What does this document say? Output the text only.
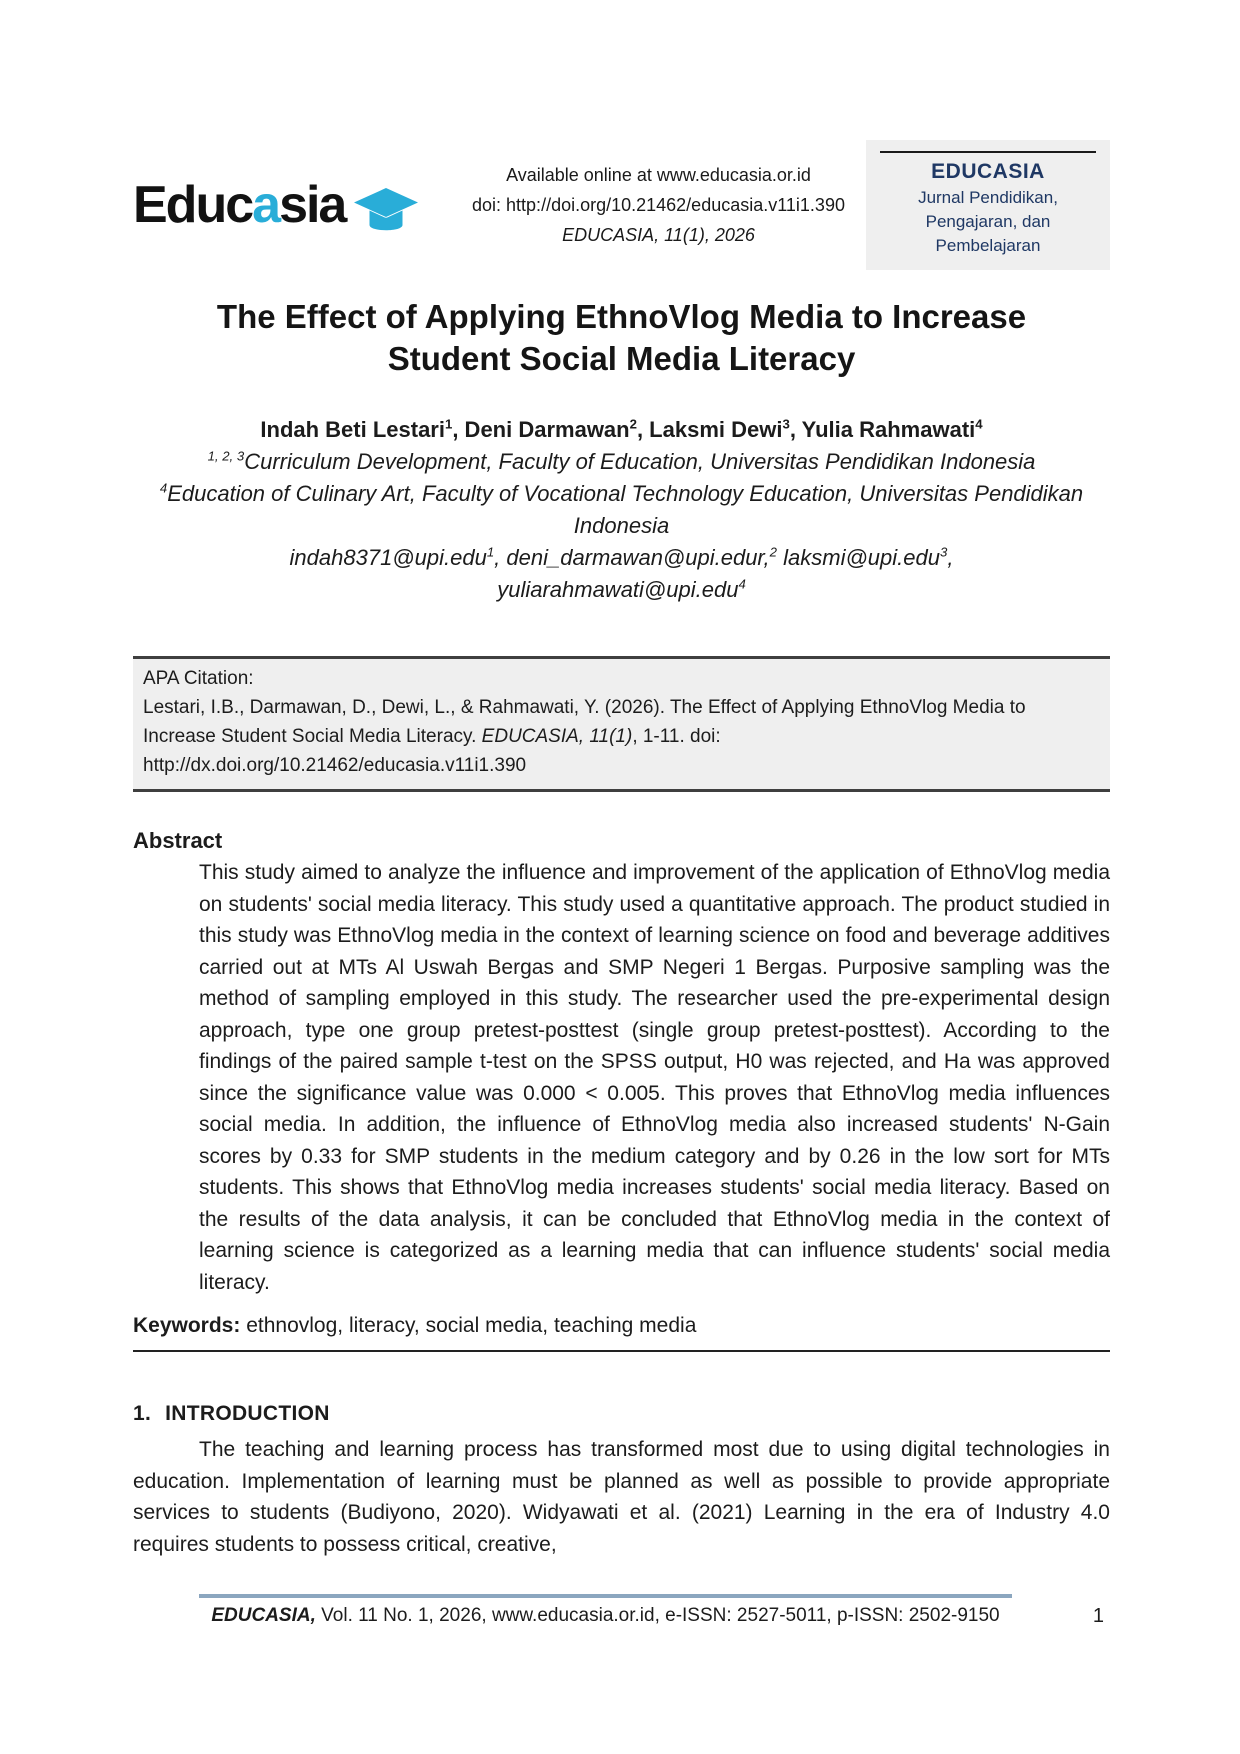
Educasia
Available online at www.educasia.or.id
doi: http://doi.org/10.21462/educasia.v11i1.390
EDUCASIA, 11(1), 2026
EDUCASIA
Jurnal Pendidikan,
Pengajaran, dan
Pembelajaran
The Effect of Applying EthnoVlog Media to Increase Student Social Media Literacy
Indah Beti Lestari$^1$, Deni Darmawan$^2$, Laksmi Dewi$^3$, Yulia Rahmawati$^4$
$^{1, 2, 3}$Curriculum Development, Faculty of Education, Universitas Pendidikan Indonesia
$^4$Education of Culinary Art, Faculty of Vocational Technology Education, Universitas Pendidikan Indonesia
indah8371@upi.edu$^1$, deni_darmawan@upi.edur,$^2$ laksmi@upi.edu$^3$,
yuliarahmawati@upi.edu$^4$
APA Citation:
Lestari, I.B., Darmawan, D., Dewi, L., & Rahmawati, Y. (2026). The Effect of Applying EthnoVlog Media to Increase Student Social Media Literacy. EDUCASIA, 11(1), 1-11. doi: http://dx.doi.org/10.21462/educasia.v11i1.390
Abstract

This study aimed to analyze the influence and improvement of the application of EthnoVlog media on students' social media literacy. This study used a quantitative approach. The product studied in this study was EthnoVlog media in the context of learning science on food and beverage additives carried out at MTs Al Uswah Bergas and SMP Negeri 1 Bergas. Purposive sampling was the method of sampling employed in this study. The researcher used the pre-experimental design approach, type one group pretest-posttest (single group pretest-posttest). According to the findings of the paired sample t-test on the SPSS output, H0 was rejected, and Ha was approved since the significance value was 0.000 < 0.005. This proves that EthnoVlog media influences social media. In addition, the influence of EthnoVlog media also increased students' N-Gain scores by 0.33 for SMP students in the medium category and by 0.26 in the low sort for MTs students. This shows that EthnoVlog media increases students' social media literacy. Based on the results of the data analysis, it can be concluded that EthnoVlog media in the context of learning science is categorized as a learning media that can influence students' social media literacy.

Keywords: ethnovlog, literacy, social media, teaching media
1. INTRODUCTION

The teaching and learning process has transformed most due to using digital technologies in education. Implementation of learning must be planned as well as possible to provide appropriate services to students (Budiyono, 2020). Widyawati et al. (2021) Learning in the era of Industry 4.0 requires students to possess critical, creative,

EDUCASIA, Vol. 11 No. 1, 2026, www.educasia.or.id, e-ISSN: 2527-5011, p-ISSN: 2502-9150	1
